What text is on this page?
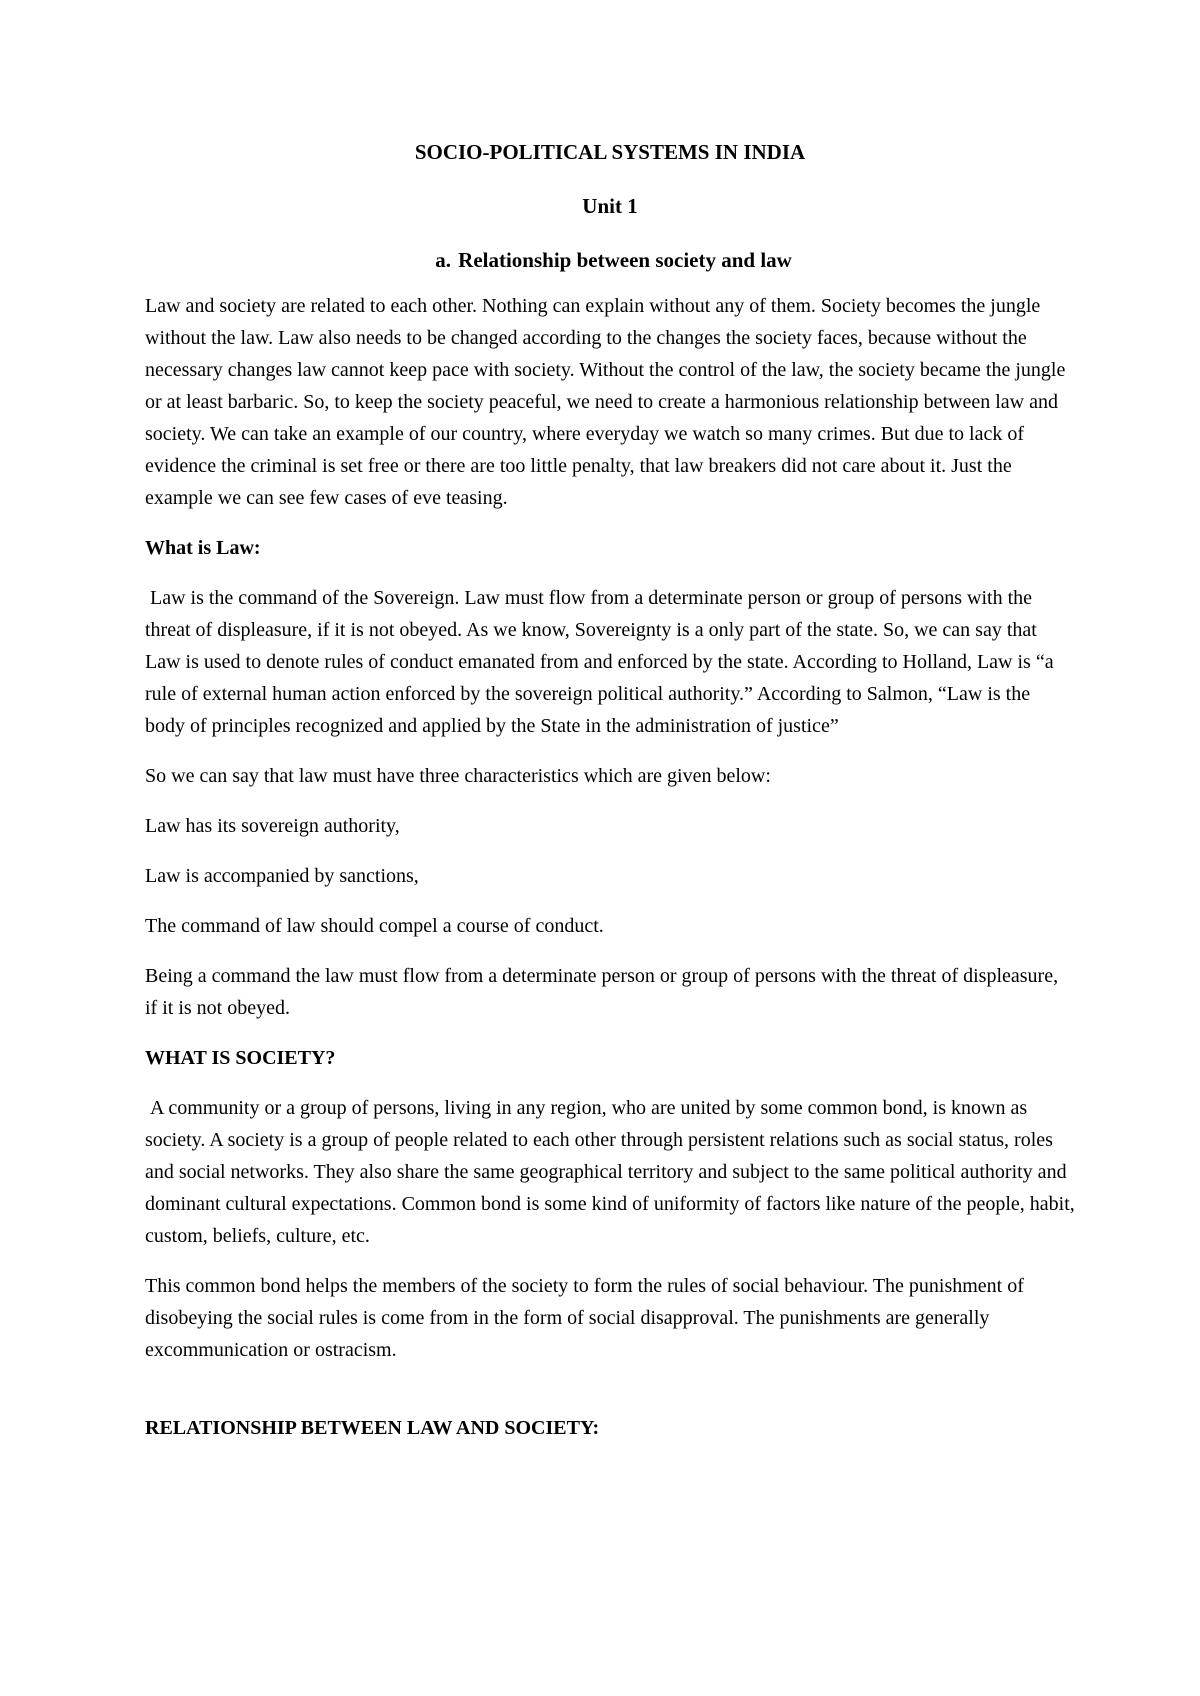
SOCIO-POLITICAL SYSTEMS IN INDIA
Unit 1
a. Relationship between society and law

Law and society are related to each other. Nothing can explain without any of them. Society becomes the jungle without the law. Law also needs to be changed according to the changes the society faces, because without the necessary changes law cannot keep pace with society. Without the control of the law, the society became the jungle or at least barbaric. So, to keep the society peaceful, we need to create a harmonious relationship between law and society. We can take an example of our country, where everyday we watch so many crimes. But due to lack of evidence the criminal is set free or there are too little penalty, that law breakers did not care about it. Just the example we can see few cases of eve teasing.

What is Law:

Law is the command of the Sovereign. Law must flow from a determinate person or group of persons with the threat of displeasure, if it is not obeyed. As we know, Sovereignty is a only part of the state. So, we can say that Law is used to denote rules of conduct emanated from and enforced by the state. According to Holland, Law is “a rule of external human action enforced by the sovereign political authority.” According to Salmon, “Law is the body of principles recognized and applied by the State in the administration of justice”

So we can say that law must have three characteristics which are given below:

Law has its sovereign authority,

Law is accompanied by sanctions,

The command of law should compel a course of conduct.

Being a command the law must flow from a determinate person or group of persons with the threat of displeasure, if it is not obeyed.

WHAT IS SOCIETY?

A community or a group of persons, living in any region, who are united by some common bond, is known as society. A society is a group of people related to each other through persistent relations such as social status, roles and social networks. They also share the same geographical territory and subject to the same political authority and dominant cultural expectations. Common bond is some kind of uniformity of factors like nature of the people, habit, custom, beliefs, culture, etc.

This common bond helps the members of the society to form the rules of social behaviour. The punishment of disobeying the social rules is come from in the form of social disapproval. The punishments are generally excommunication or ostracism.

RELATIONSHIP BETWEEN LAW AND SOCIETY:
